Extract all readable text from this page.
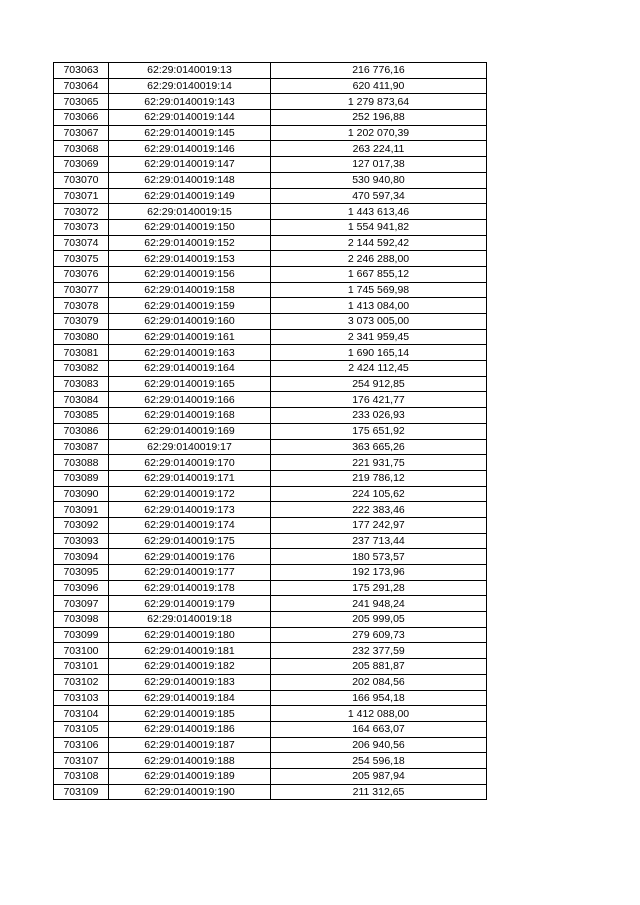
703063	62:29:0140019:13	216 776,16
703064	62:29:0140019:14	620 411,90
703065	62:29:0140019:143	1 279 873,64
703066	62:29:0140019:144	252 196,88
703067	62:29:0140019:145	1 202 070,39
703068	62:29:0140019:146	263 224,11
703069	62:29:0140019:147	127 017,38
703070	62:29:0140019:148	530 940,80
703071	62:29:0140019:149	470 597,34
703072	62:29:0140019:15	1 443 613,46
703073	62:29:0140019:150	1 554 941,82
703074	62:29:0140019:152	2 144 592,42
703075	62:29:0140019:153	2 246 288,00
703076	62:29:0140019:156	1 667 855,12
703077	62:29:0140019:158	1 745 569,98
703078	62:29:0140019:159	1 413 084,00
703079	62:29:0140019:160	3 073 005,00
703080	62:29:0140019:161	2 341 959,45
703081	62:29:0140019:163	1 690 165,14
703082	62:29:0140019:164	2 424 112,45
703083	62:29:0140019:165	254 912,85
703084	62:29:0140019:166	176 421,77
703085	62:29:0140019:168	233 026,93
703086	62:29:0140019:169	175 651,92
703087	62:29:0140019:17	363 665,26
703088	62:29:0140019:170	221 931,75
703089	62:29:0140019:171	219 786,12
703090	62:29:0140019:172	224 105,62
703091	62:29:0140019:173	222 383,46
703092	62:29:0140019:174	177 242,97
703093	62:29:0140019:175	237 713,44
703094	62:29:0140019:176	180 573,57
703095	62:29:0140019:177	192 173,96
703096	62:29:0140019:178	175 291,28
703097	62:29:0140019:179	241 948,24
703098	62:29:0140019:18	205 999,05
703099	62:29:0140019:180	279 609,73
703100	62:29:0140019:181	232 377,59
703101	62:29:0140019:182	205 881,87
703102	62:29:0140019:183	202 084,56
703103	62:29:0140019:184	166 954,18
703104	62:29:0140019:185	1 412 088,00
703105	62:29:0140019:186	164 663,07
703106	62:29:0140019:187	206 940,56
703107	62:29:0140019:188	254 596,18
703108	62:29:0140019:189	205 987,94
703109	62:29:0140019:190	211 312,65
